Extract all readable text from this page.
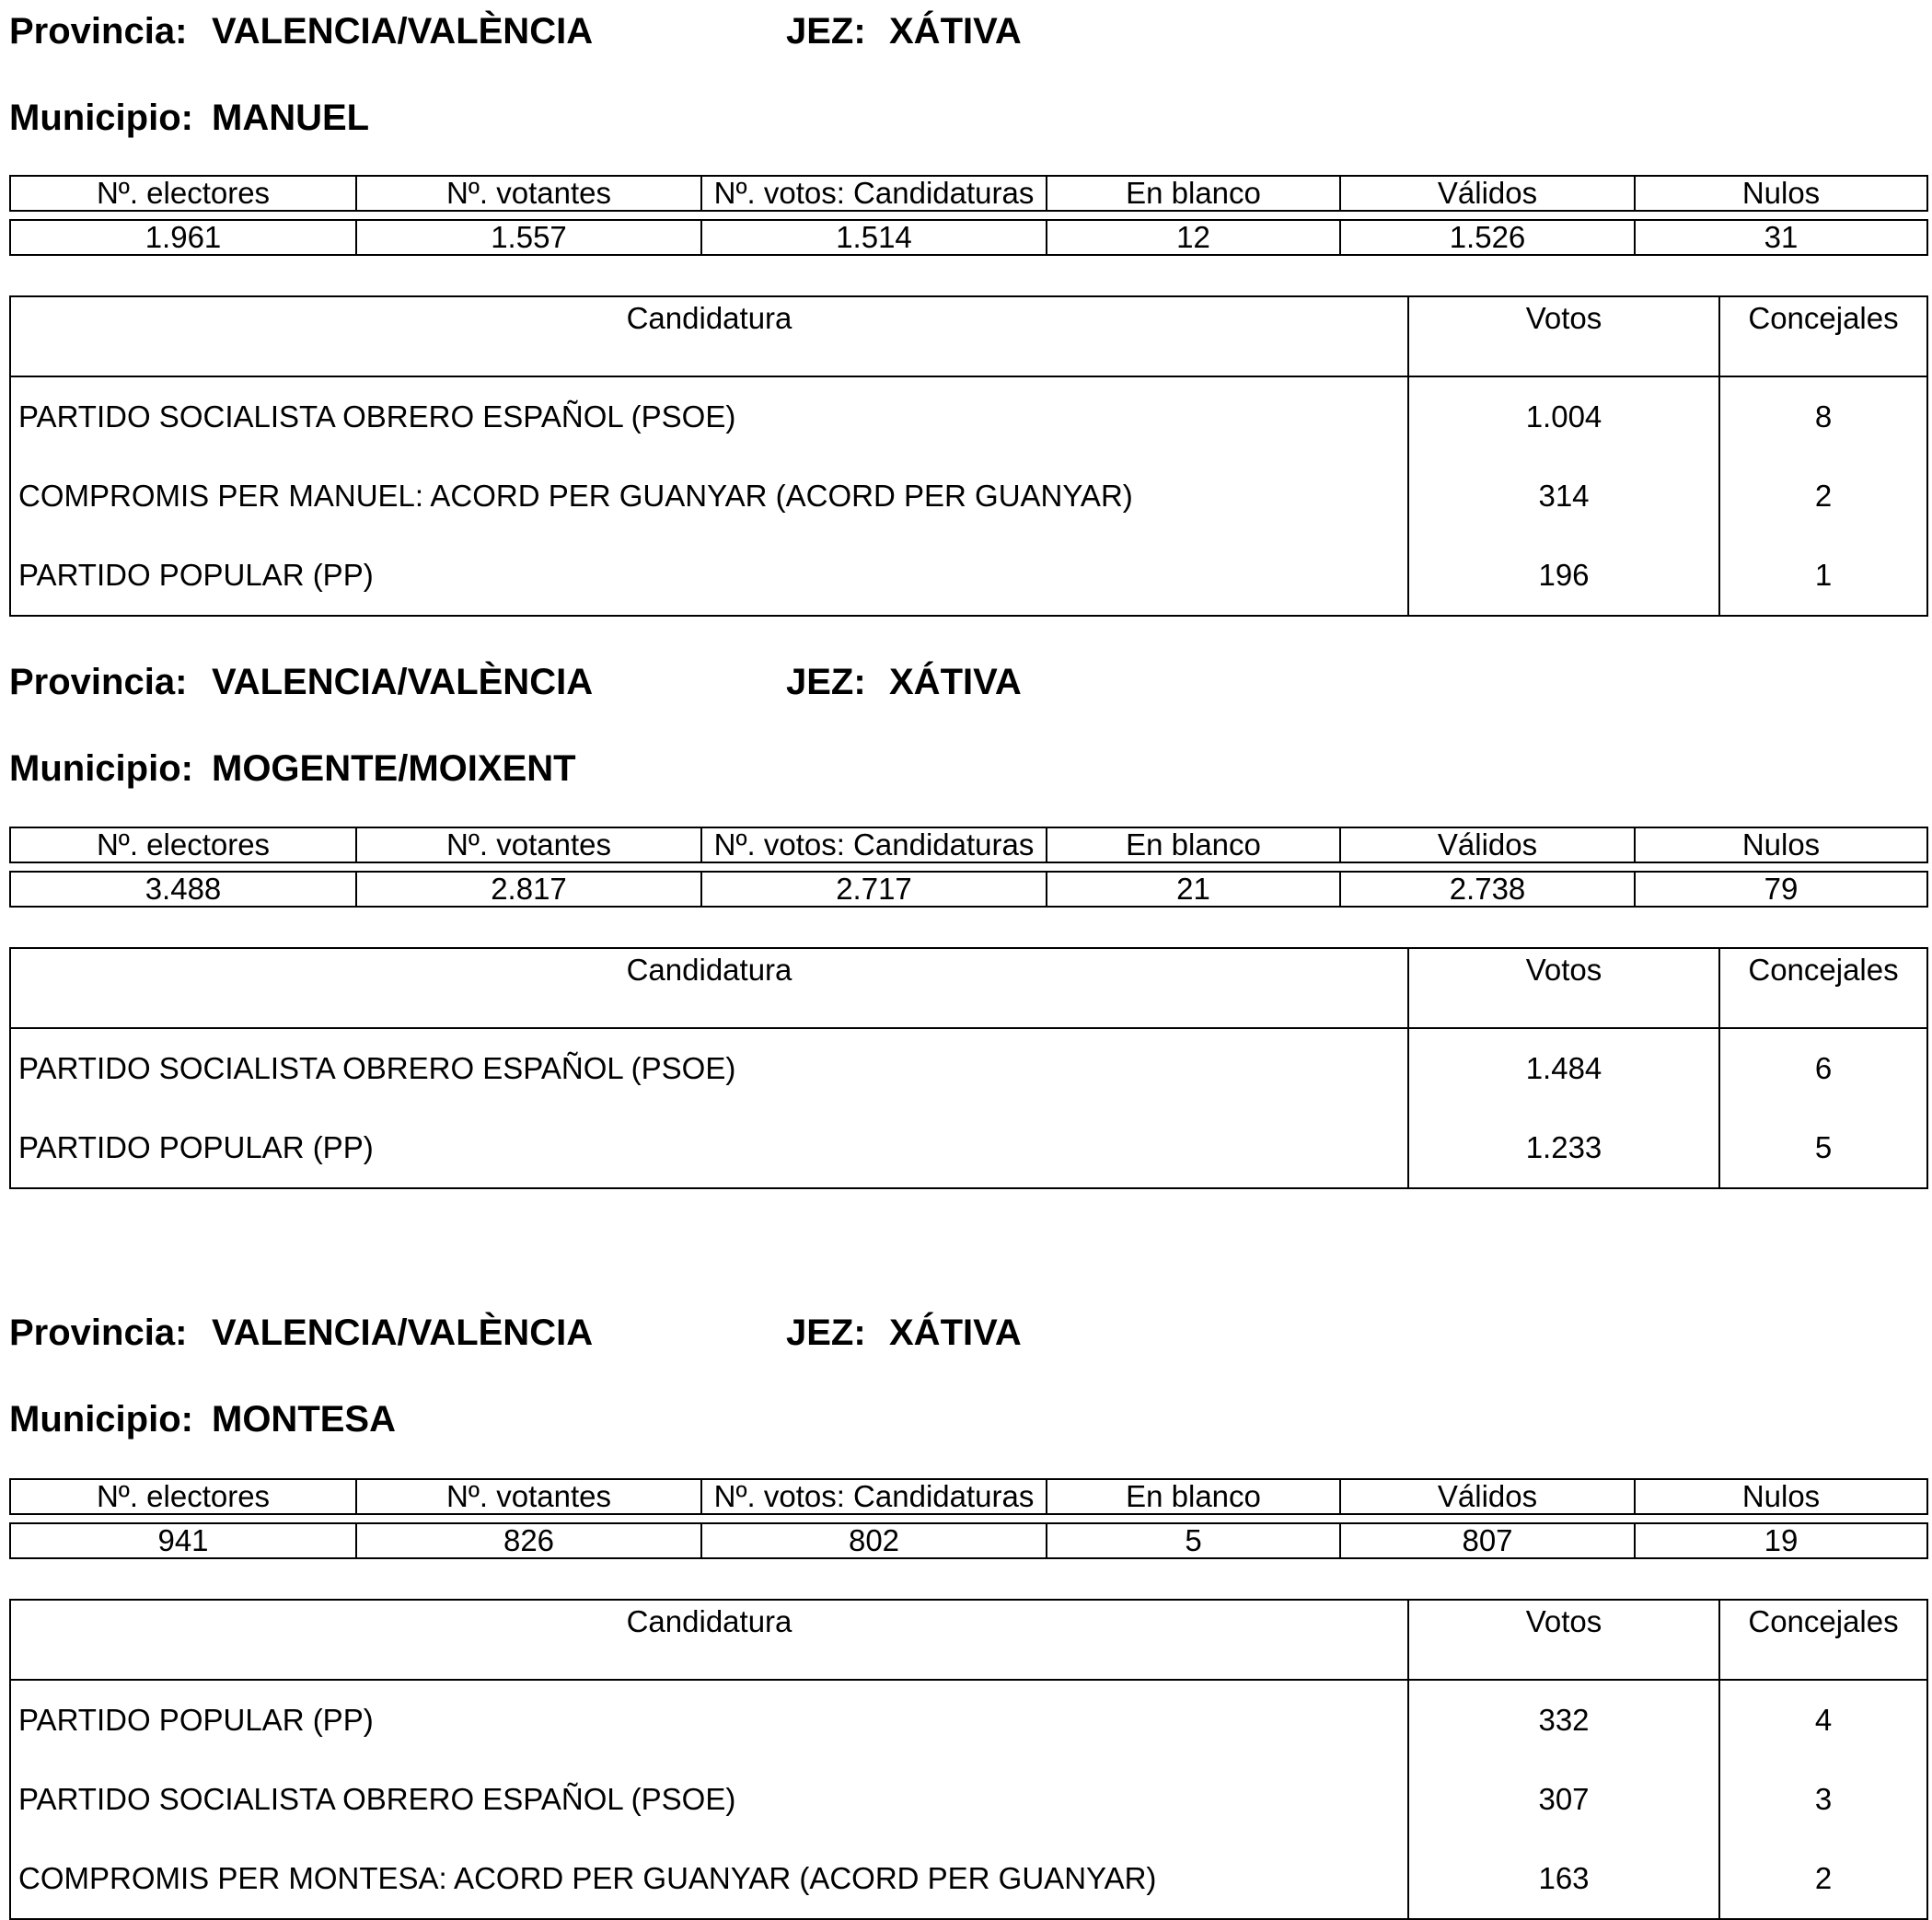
Provincia: VALENCIA/VALÈNCIA	JEZ: XÁTIVA
Municipio: MANUEL
Nº. electores	Nº. votantes	Nº. votos: Candidaturas	En blanco	Válidos	Nulos

1.961	1.557	1.514	12	1.526	31
Candidatura	Votos	Concejales
PARTIDO SOCIALISTA OBRERO ESPAÑOL (PSOE)	1.004	8
COMPROMIS PER MANUEL: ACORD PER GUANYAR (ACORD PER GUANYAR)	314	2
PARTIDO POPULAR (PP)	196	1
Provincia: VALENCIA/VALÈNCIA	JEZ: XÁTIVA
Municipio: MOGENTE/MOIXENT
Nº. electores	Nº. votantes	Nº. votos: Candidaturas	En blanco	Válidos	Nulos

3.488	2.817	2.717	21	2.738	79
Candidatura	Votos	Concejales
PARTIDO SOCIALISTA OBRERO ESPAÑOL (PSOE)	1.484	6
PARTIDO POPULAR (PP)	1.233	5
Provincia: VALENCIA/VALÈNCIA	JEZ: XÁTIVA
Municipio: MONTESA
Nº. electores	Nº. votantes	Nº. votos: Candidaturas	En blanco	Válidos	Nulos

941	826	802	5	807	19
Candidatura	Votos	Concejales
PARTIDO POPULAR (PP)	332	4
PARTIDO SOCIALISTA OBRERO ESPAÑOL (PSOE)	307	3
COMPROMIS PER MONTESA: ACORD PER GUANYAR (ACORD PER GUANYAR)	163	2
